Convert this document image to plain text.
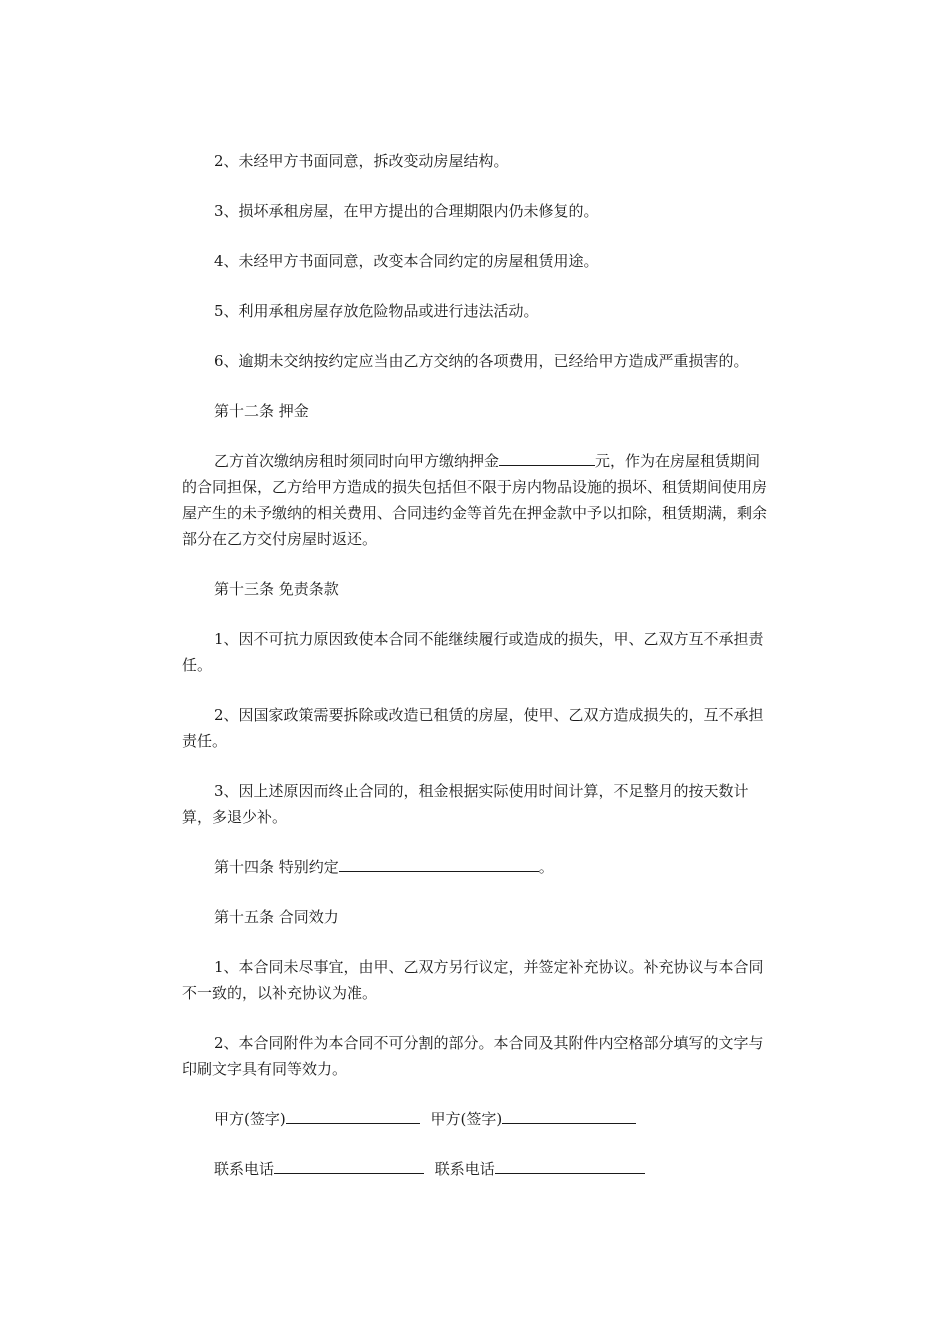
2、未经甲方书面同意，拆改变动房屋结构。

3、损坏承租房屋，在甲方提出的合理期限内仍未修复的。

4、未经甲方书面同意，改变本合同约定的房屋租赁用途。

5、利用承租房屋存放危险物品或进行违法活动。

6、逾期未交纳按约定应当由乙方交纳的各项费用，已经给甲方造成严重损害的。

第十二条 押金

乙方首次缴纳房租时须同时向甲方缴纳押金	元，作为在房屋租赁期间的合同担保，乙方给甲方造成的损失包括但不限于房内物品设施的损坏、租赁期间使用房屋产生的未予缴纳的相关费用、合同违约金等首先在押金款中予以扣除，租赁期满，剩余部分在乙方交付房屋时返还。

第十三条 免责条款

1、因不可抗力原因致使本合同不能继续履行或造成的损失，甲、乙双方互不承担责任。

2、因国家政策需要拆除或改造已租赁的房屋，使甲、乙双方造成损失的，互不承担责任。

3、因上述原因而终止合同的，租金根据实际使用时间计算，不足整月的按天数计算，多退少补。

第十四条 特别约定	。

第十五条 合同效力

1、本合同未尽事宜，由甲、乙双方另行议定，并签定补充协议。补充协议与本合同不一致的，以补充协议为准。

2、本合同附件为本合同不可分割的部分。本合同及其附件内空格部分填写的文字与印刷文字具有同等效力。

甲方(签字)	甲方(签字)
联系电话	联系电话
